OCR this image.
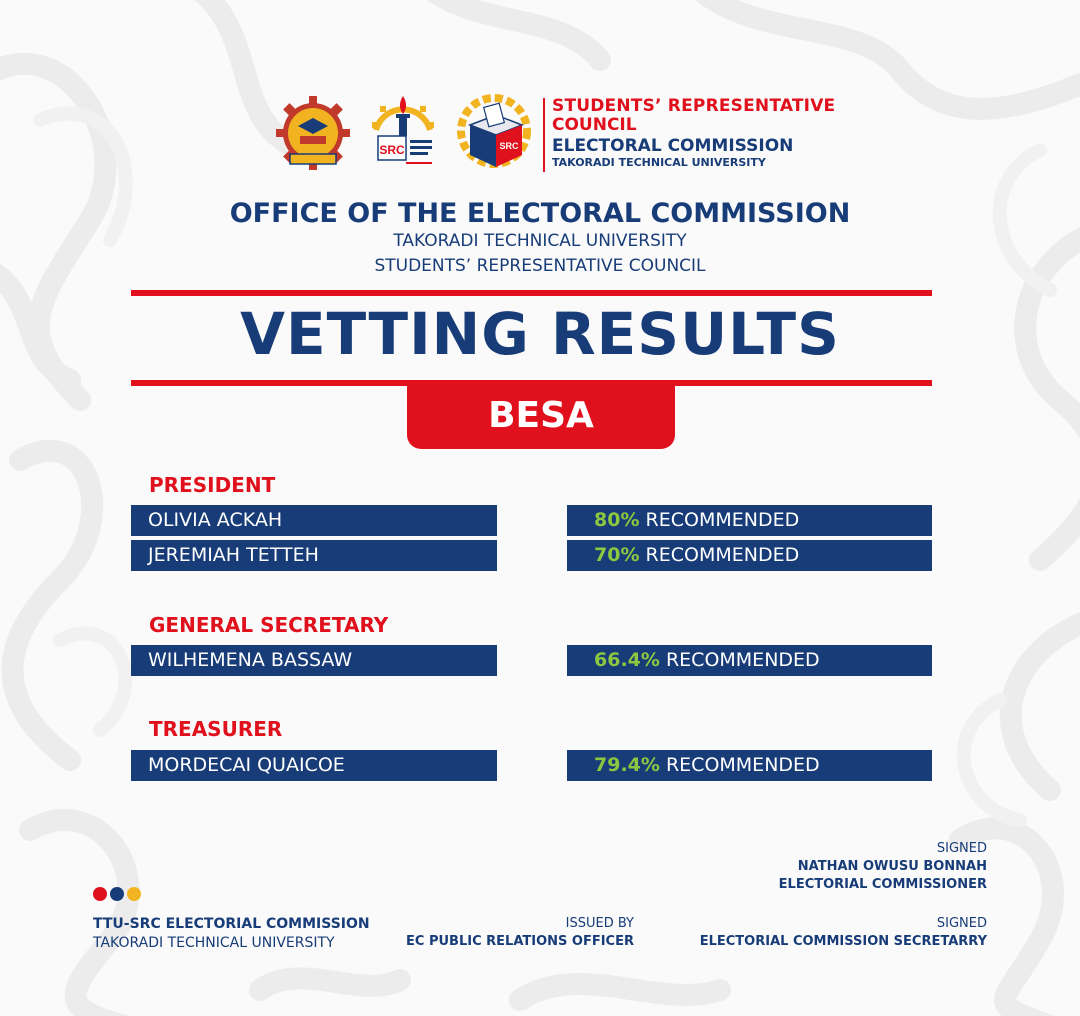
SRC	SRC
STUDENTS’ REPRESENTATIVE
COUNCIL
ELECTORAL COMMISSION
TAKORADI TECHNICAL UNIVERSITY
OFFICE OF THE ELECTORAL COMMISSION
TAKORADI TECHNICAL UNIVERSITY
STUDENTS’ REPRESENTATIVE COUNCIL
VETTING RESULTS
BESA
PRESIDENT
OLIVIA ACKAH	80% RECOMMENDED
JEREMIAH TETTEH	70% RECOMMENDED
GENERAL SECRETARY
WILHEMENA BASSAW	66.4% RECOMMENDED
TREASURER
MORDECAI QUAICOE	79.4% RECOMMENDED
TTU-SRC ELECTORIAL COMMISSION
TAKORADI TECHNICAL UNIVERSITY
ISSUED BY
EC PUBLIC RELATIONS OFFICER
SIGNED
NATHAN OWUSU BONNAH
ELECTORIAL COMMISSIONER
SIGNED
ELECTORIAL COMMISSION SECRETARRY
